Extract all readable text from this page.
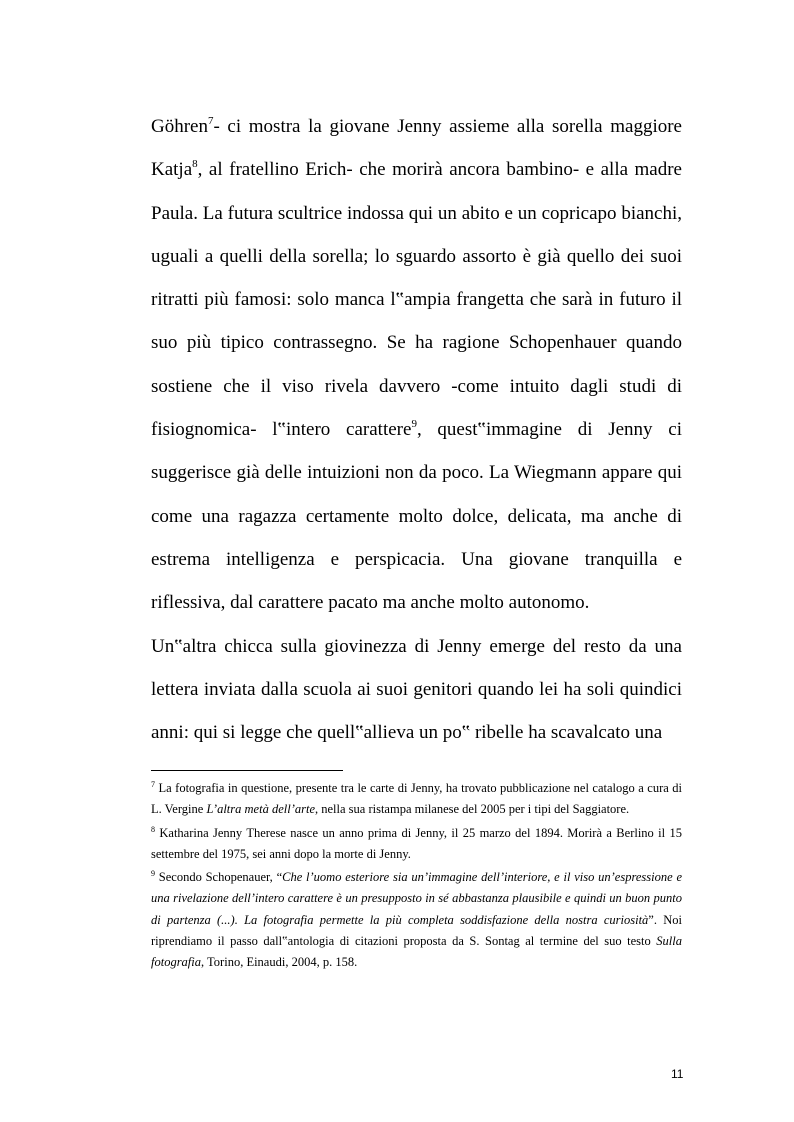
Göhren$^7$- ci mostra la giovane Jenny assieme alla sorella maggiore Katja$^8$, al fratellino Erich- che morirà ancora bambino- e alla madre Paula. La futura scultrice indossa qui un abito e un copricapo bianchi, uguali a quelli della sorella; lo sguardo assorto è già quello dei suoi ritratti più famosi: solo manca l‟ampia frangetta che sarà in futuro il suo più tipico contrassegno. Se ha ragione Schopenhauer quando sostiene che il viso rivela davvero -come intuito dagli studi di fisiognomica- l‟intero carattere$^9$, quest‟immagine di Jenny ci suggerisce già delle intuizioni non da poco. La Wiegmann appare qui come una ragazza certamente molto dolce, delicata, ma anche di estrema intelligenza e perspicacia. Una giovane tranquilla e riflessiva, dal carattere pacato ma anche molto autonomo.

Un‟altra chicca sulla giovinezza di Jenny emerge del resto da una lettera inviata dalla scuola ai suoi genitori quando lei ha soli quindici anni: qui si legge che quell‟allieva un po‟ ribelle ha scavalcato una

$^7$ La fotografia in questione, presente tra le carte di Jenny, ha trovato pubblicazione nel catalogo a cura di L. Vergine L’altra metà dell’arte, nella sua ristampa milanese del 2005 per i tipi del Saggiatore.

$^8$ Katharina Jenny Therese nasce un anno prima di Jenny, il 25 marzo del 1894. Morirà a Berlino il 15 settembre del 1975, sei anni dopo la morte di Jenny.

$^9$ Secondo Schopenauer, “Che l’uomo esteriore sia un’immagine dell’interiore, e il viso un’espressione e una rivelazione dell’intero carattere è un presupposto in sé abbastanza plausibile e quindi un buon punto di partenza (...). La fotografia permette la più completa soddisfazione della nostra curiosità”. Noi riprendiamo il passo dall‟antologia di citazioni proposta da S. Sontag al termine del suo testo Sulla fotografia, Torino, Einaudi, 2004, p. 158.

11
